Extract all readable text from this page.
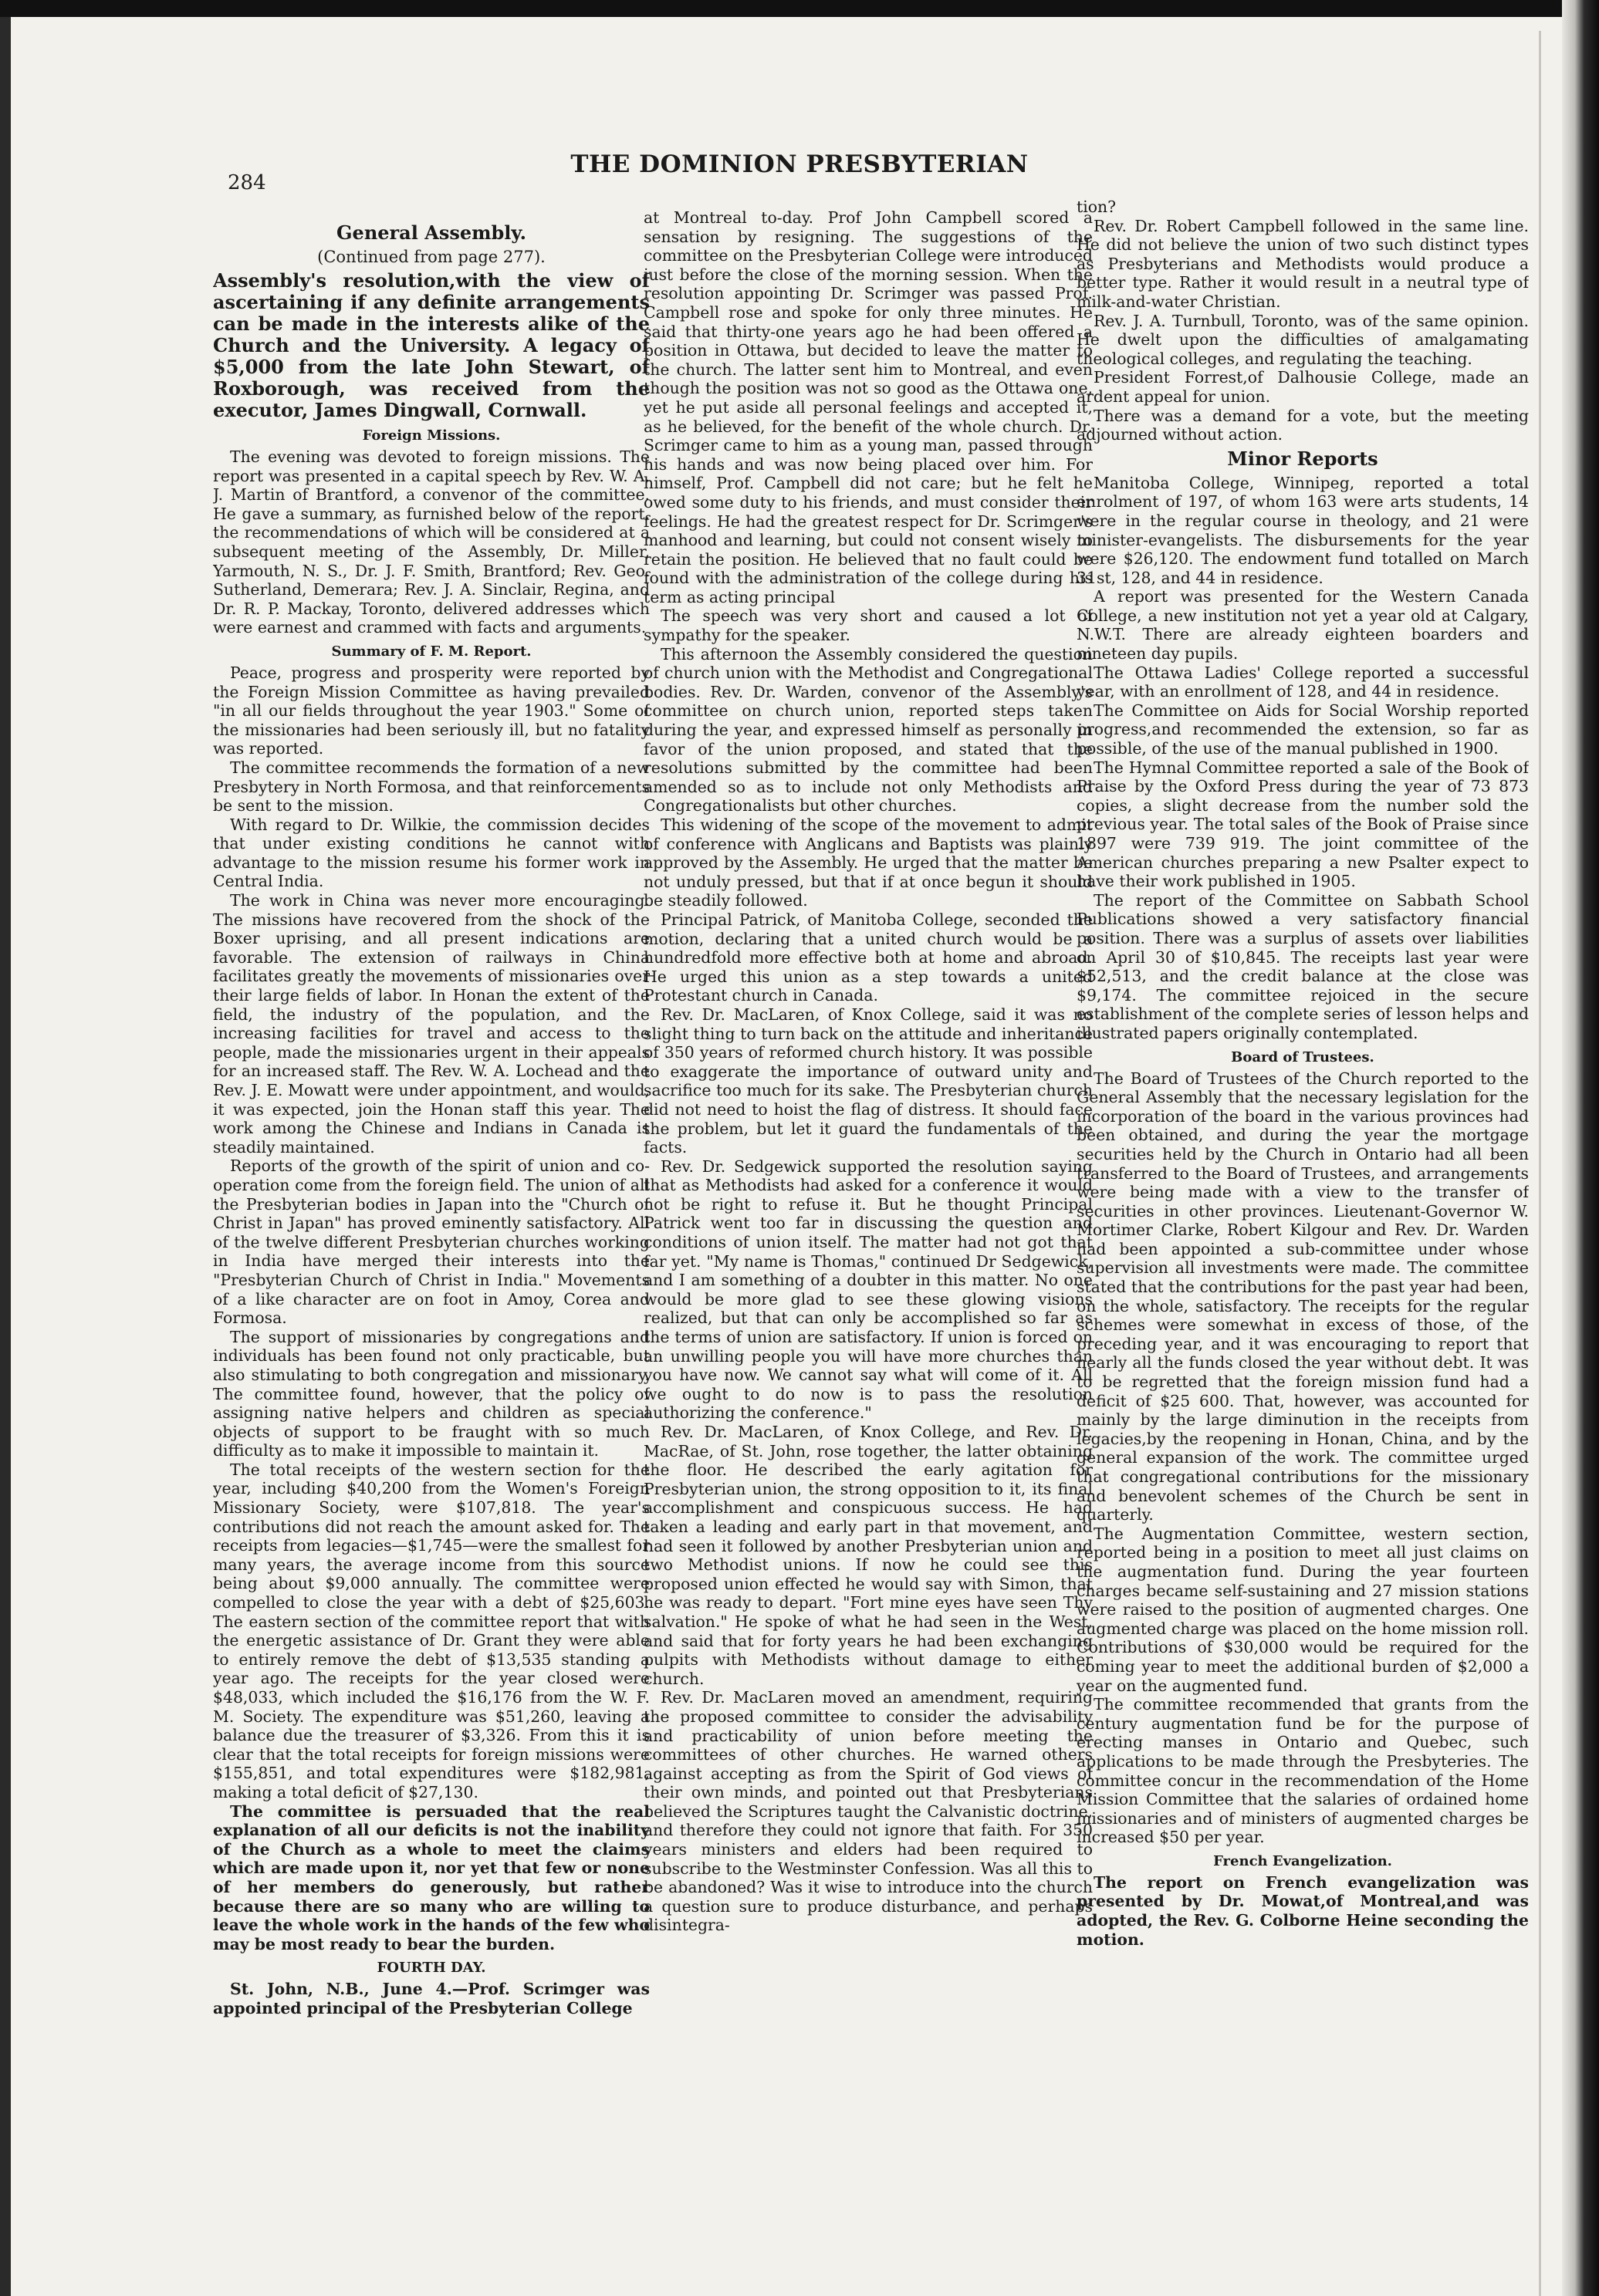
284
THE DOMINION PRESBYTERIAN
General Assembly.
(Continued from page 277).

Assembly's resolution,with the view of ascertaining if any definite arrangements can be made in the interests alike of the Church and the University. A legacy of $5,000 from the late John Stewart, of Roxborough, was received from the executor, James Dingwall, Cornwall.

Foreign Missions.

The evening was devoted to foreign missions. The report was presented in a capital speech by Rev. W. A. J. Martin of Brantford, a convenor of the committee. He gave a summary, as furnished below of the report, the recommendations of which will be considered at a subsequent meeting of the Assembly, Dr. Miller, Yarmouth, N. S., Dr. J. F. Smith, Brantford; Rev. Geo. Sutherland, Demerara; Rev. J. A. Sinclair, Regina, and Dr. R. P. Mackay, Toronto, delivered addresses which were earnest and crammed with facts and arguments.

Summary of F. M. Report.

Peace, progress and prosperity were reported by the Foreign Mission Committee as having prevailed "in all our fields throughout the year 1903." Some of the missionaries had been seriously ill, but no fatality was reported.

The committee recommends the formation of a new Presbytery in North Formosa, and that reinforcements be sent to the mission.

With regard to Dr. Wilkie, the commission decides that under existing conditions he cannot with advantage to the mission resume his former work in Central India.

The work in China was never more encouraging. The missions have recovered from the shock of the Boxer uprising, and all present indications are favorable. The extension of railways in China facilitates greatly the movements of missionaries over their large fields of labor. In Honan the extent of the field, the industry of the population, and the increasing facilities for travel and access to the people, made the missionaries urgent in their appeals for an increased staff. The Rev. W. A. Lochead and the Rev. J. E. Mowatt were under appointment, and would, it was expected, join the Honan staff this year. The work among the Chinese and Indians in Canada is steadily maintained.

Reports of the growth of the spirit of union and co-operation come from the foreign field. The union of all the Presbyterian bodies in Japan into the "Church of Christ in Japan" has proved eminently satisfactory. All of the twelve different Presbyterian churches working in India have merged their interests into the "Presbyterian Church of Christ in India." Movements of a like character are on foot in Amoy, Corea and Formosa.

The support of missionaries by congregations and individuals has been found not only practicable, but also stimulating to both congregation and missionary. The committee found, however, that the policy of assigning native helpers and children as special objects of support to be fraught with so much difficulty as to make it impossible to maintain it.

The total receipts of the western section for the year, including $40,200 from the Women's Foreign Missionary Society, were $107,818. The year's contributions did not reach the amount asked for. The receipts from legacies—$1,745—were the smallest for many years, the average income from this source being about $9,000 annually. The committee were compelled to close the year with a debt of $25,603. The eastern section of the committee report that with the energetic assistance of Dr. Grant they were able to entirely remove the debt of $13,535 standing a year ago. The receipts for the year closed were $48,033, which included the $16,176 from the W. F. M. Society. The expenditure was $51,260, leaving a balance due the treasurer of $3,326. From this it is clear that the total receipts for foreign missions were $155,851, and total expenditures were $182,981, making a total deficit of $27,130.

The committee is persuaded that the real explanation of all our deficits is not the inability of the Church as a whole to meet the claims which are made upon it, nor yet that few or none of her members do generously, but rather because there are so many who are willing to leave the whole work in the hands of the few who may be most ready to bear the burden.

FOURTH DAY.

St. John, N.B., June 4.—Prof. Scrimger was appointed principal of the Presbyterian College

at Montreal to-day. Prof John Campbell scored a sensation by resigning. The suggestions of the committee on the Presbyterian College were introduced just before the close of the morning session. When the resolution appointing Dr. Scrimger was passed Prof. Campbell rose and spoke for only three minutes. He said that thirty-one years ago he had been offered a position in Ottawa, but decided to leave the matter to the church. The latter sent him to Montreal, and even though the position was not so good as the Ottawa one, yet he put aside all personal feelings and accepted it, as he believed, for the benefit of the whole church. Dr. Scrimger came to him as a young man, passed through his hands and was now being placed over him. For himself, Prof. Campbell did not care; but he felt he owed some duty to his friends, and must consider their feelings. He had the greatest respect for Dr. Scrimger's manhood and learning, but could not consent wisely to retain the position. He believed that no fault could be found with the administration of the college during his term as acting principal

The speech was very short and caused a lot of sympathy for the speaker.

This afternoon the Assembly considered the question of church union with the Methodist and Congregational bodies. Rev. Dr. Warden, convenor of the Assembly's committee on church union, reported steps taken during the year, and expressed himself as personally in favor of the union proposed, and stated that the resolutions submitted by the committee had been amended so as to include not only Methodists and Congregationalists but other churches.

This widening of the scope of the movement to admit of conference with Anglicans and Baptists was plainly approved by the Assembly. He urged that the matter be not unduly pressed, but that if at once begun it should be steadily followed.

Principal Patrick, of Manitoba College, seconded the motion, declaring that a united church would be a hundredfold more effective both at home and abroad. He urged this union as a step towards a united Protestant church in Canada.

Rev. Dr. MacLaren, of Knox College, said it was no slight thing to turn back on the attitude and inheritance of 350 years of reformed church history. It was possible to exaggerate the importance of outward unity and sacrifice too much for its sake. The Presbyterian church did not need to hoist the flag of distress. It should face the problem, but let it guard the fundamentals of the facts.

Rev. Dr. Sedgewick supported the resolution saying that as Methodists had asked for a conference it would not be right to refuse it. But he thought Principal Patrick went too far in discussing the question and conditions of union itself. The matter had not got that far yet. "My name is Thomas," continued Dr Sedgewick, and I am something of a doubter in this matter. No one would be more glad to see these glowing visions realized, but that can only be accomplished so far as the terms of union are satisfactory. If union is forced on an unwilling people you will have more churches than you have now. We cannot say what will come of it. All we ought to do now is to pass the resolution authorizing the conference."

Rev. Dr. MacLaren, of Knox College, and Rev. Dr. MacRae, of St. John, rose together, the latter obtaining the floor. He described the early agitation for Presbyterian union, the strong opposition to it, its final accomplishment and conspicuous success. He had taken a leading and early part in that movement, and had seen it followed by another Presbyterian union and two Methodist unions. If now he could see this proposed union effected he would say with Simon, that he was ready to depart. "Fort mine eyes have seen Thy salvation." He spoke of what he had seen in the West, and said that for forty years he had been exchanging pulpits with Methodists without damage to either church.

Rev. Dr. MacLaren moved an amendment, requiring the proposed committee to consider the advisability and practicability of union before meeting the committees of other churches. He warned others against accepting as from the Spirit of God views of their own minds, and pointed out that Presbyterians believed the Scriptures taught the Calvanistic doctrine, and therefore they could not ignore that faith. For 350 years ministers and elders had been required to subscribe to the Westminster Confession. Was all this to be abandoned? Was it wise to introduce into the church a question sure to produce disturbance, and perhaps disintegra-

tion?

Rev. Dr. Robert Campbell followed in the same line. He did not believe the union of two such distinct types as Presbyterians and Methodists would produce a better type. Rather it would result in a neutral type of milk-and-water Christian.

Rev. J. A. Turnbull, Toronto, was of the same opinion. He dwelt upon the difficulties of amalgamating theological colleges, and regulating the teaching.

President Forrest,of Dalhousie College, made an ardent appeal for union.

There was a demand for a vote, but the meeting adjourned without action.

Minor Reports

Manitoba College, Winnipeg, reported a total enrolment of 197, of whom 163 were arts students, 14 were in the regular course in theology, and 21 were minister-evangelists. The disbursements for the year were $26,120. The endowment fund totalled on March 31st, 128, and 44 in residence.

A report was presented for the Western Canada College, a new institution not yet a year old at Calgary, N.W.T. There are already eighteen boarders and nineteen day pupils.

The Ottawa Ladies' College reported a successful year, with an enrollment of 128, and 44 in residence.

The Committee on Aids for Social Worship reported progress,and recommended the extension, so far as possible, of the use of the manual published in 1900.

The Hymnal Committee reported a sale of the Book of Praise by the Oxford Press during the year of 73 873 copies, a slight decrease from the number sold the previous year. The total sales of the Book of Praise since 1897 were 739 919. The joint committee of the American churches preparing a new Psalter expect to have their work published in 1905.

The report of the Committee on Sabbath School Publications showed a very satisfactory financial position. There was a surplus of assets over liabilities on April 30 of $10,845. The receipts last year were $52,513, and the credit balance at the close was $9,174. The committee rejoiced in the secure establishment of the complete series of lesson helps and illustrated papers originally contemplated.

Board of Trustees.

The Board of Trustees of the Church reported to the General Assembly that the necessary legislation for the incorporation of the board in the various provinces had been obtained, and during the year the mortgage securities held by the Church in Ontario had all been transferred to the Board of Trustees, and arrangements were being made with a view to the transfer of securities in other provinces. Lieutenant-Governor W. Mortimer Clarke, Robert Kilgour and Rev. Dr. Warden had been appointed a sub-committee under whose supervision all investments were made. The committee stated that the contributions for the past year had been, on the whole, satisfactory. The receipts for the regular schemes were somewhat in excess of those, of the preceding year, and it was encouraging to report that nearly all the funds closed the year without debt. It was to be regretted that the foreign mission fund had a deficit of $25 600. That, however, was accounted for mainly by the large diminution in the receipts from legacies,by the reopening in Honan, China, and by the general expansion of the work. The committee urged that congregational contributions for the missionary and benevolent schemes of the Church be sent in quarterly.

The Augmentation Committee, western section, reported being in a position to meet all just claims on the augmentation fund. During the year fourteen charges became self-sustaining and 27 mission stations were raised to the position of augmented charges. One augmented charge was placed on the home mission roll. Contributions of $30,000 would be required for the coming year to meet the additional burden of $2,000 a year on the augmented fund.

The committee recommended that grants from the century augmentation fund be for the purpose of erecting manses in Ontario and Quebec, such applications to be made through the Presbyteries. The committee concur in the recommendation of the Home Mission Committee that the salaries of ordained home missionaries and of ministers of augmented charges be increased $50 per year.

French Evangelization.

The report on French evangelization was presented by Dr. Mowat,of Montreal,and was adopted, the Rev. G. Colborne Heine seconding the motion.
